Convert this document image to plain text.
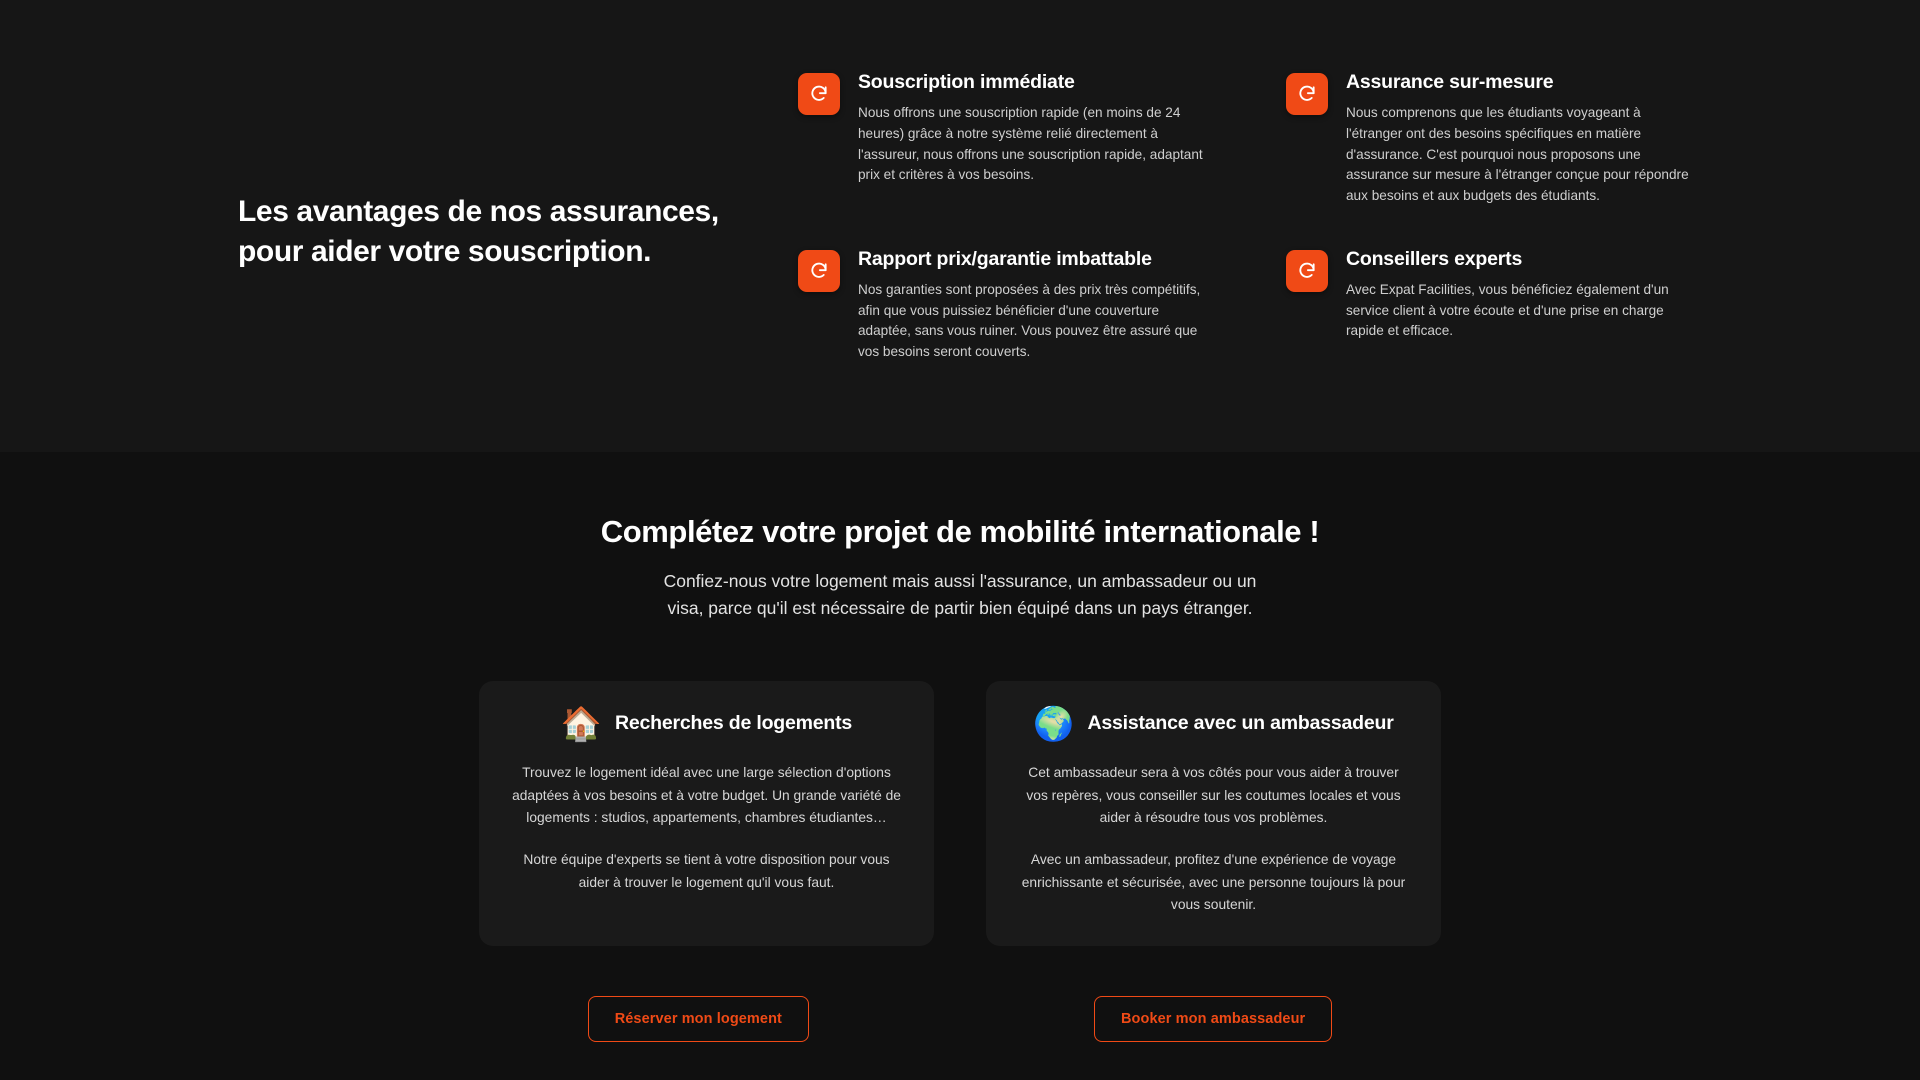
Les avantages de nos assurances,
pour aider votre souscription.
Souscription immédiate
Nous offrons une souscription rapide (en moins de 24 heures) grâce à notre système relié directement à l'assureur, nous offrons une souscription rapide, adaptant prix et critères à vos besoins.
Assurance sur-mesure
Nous comprenons que les étudiants voyageant à l'étranger ont des besoins spécifiques en matière d'assurance. C'est pourquoi nous proposons une assurance sur mesure à l'étranger conçue pour répondre aux besoins et aux budgets des étudiants.
Rapport prix/garantie imbattable
Nos garanties sont proposées à des prix très compétitifs, afin que vous puissiez bénéficier d'une couverture adaptée, sans vous ruiner. Vous pouvez être assuré que vos besoins seront couverts.
Conseillers experts
Avec Expat Facilities, vous bénéficiez également d'un service client à votre écoute et d'une prise en charge rapide et efficace.
Complétez votre projet de mobilité internationale !

Confiez-nous votre logement mais aussi l'assurance, un ambassadeur ou un
visa, parce qu'il est nécessaire de partir bien équipé dans un pays étranger.

🏠 Recherches de logements

Trouvez le logement idéal avec une large sélection d'options adaptées à vos besoins et à votre budget. Un grande variété de logements : studios, appartements, chambres étudiantes…

Notre équipe d'experts se tient à votre disposition pour vous aider à trouver le logement qu'il vous faut.

🌍 Assistance avec un ambassadeur

Cet ambassadeur sera à vos côtés pour vous aider à trouver vos repères, vous conseiller sur les coutumes locales et vous aider à résoudre tous vos problèmes.

Avec un ambassadeur, profitez d'une expérience de voyage enrichissante et sécurisée, avec une personne toujours là pour vous soutenir.

Réserver mon logement	Booker mon ambassadeur
